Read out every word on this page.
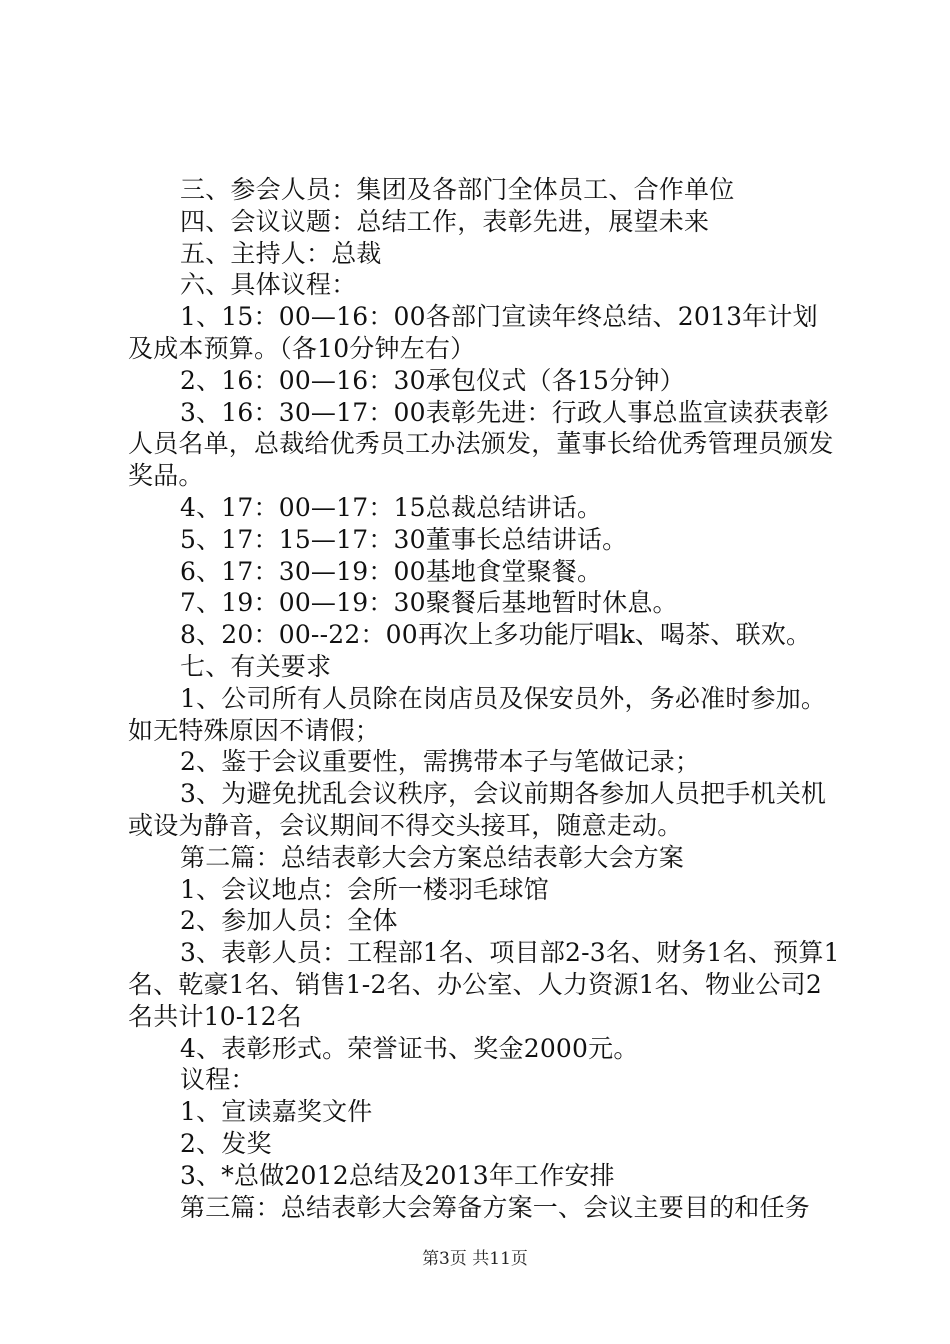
三、参会人员：集团及各部门全体员工、合作单位

四、会议议题：总结工作，表彰先进，展望未来

五、主持人：总裁

六、具体议程：

1、15：00—16：00各部门宣读年终总结、2013年计划及成本预算。（各10分钟左右）

2、16：00—16：30承包仪式（各15分钟）

3、16：30—17：00表彰先进：行政人事总监宣读获表彰人员名单，总裁给优秀员工办法颁发，董事长给优秀管理员颁发奖品。

4、17：00—17：15总裁总结讲话。

5、17：15—17：30董事长总结讲话。

6、17：30—19：00基地食堂聚餐。

7、19：00—19：30聚餐后基地暂时休息。

8、20：00--22：00再次上多功能厅唱k、喝茶、联欢。

七、有关要求

1、公司所有人员除在岗店员及保安员外，务必准时参加。如无特殊原因不请假；

2、鉴于会议重要性，需携带本子与笔做记录；

3、为避免扰乱会议秩序，会议前期各参加人员把手机关机或设为静音，会议期间不得交头接耳，随意走动。

第二篇：总结表彰大会方案总结表彰大会方案

1、会议地点：会所一楼羽毛球馆

2、参加人员：全体

3、表彰人员：工程部1名、项目部2-3名、财务1名、预算1名、乾豪1名、销售1-2名、办公室、人力资源1名、物业公司2名共计10-12名

4、表彰形式。荣誉证书、奖金2000元。

议程：

1、宣读嘉奖文件

2、发奖

3、*总做2012总结及2013年工作安排

第三篇：总结表彰大会筹备方案一、会议主要目的和任务

第3页 共11页
